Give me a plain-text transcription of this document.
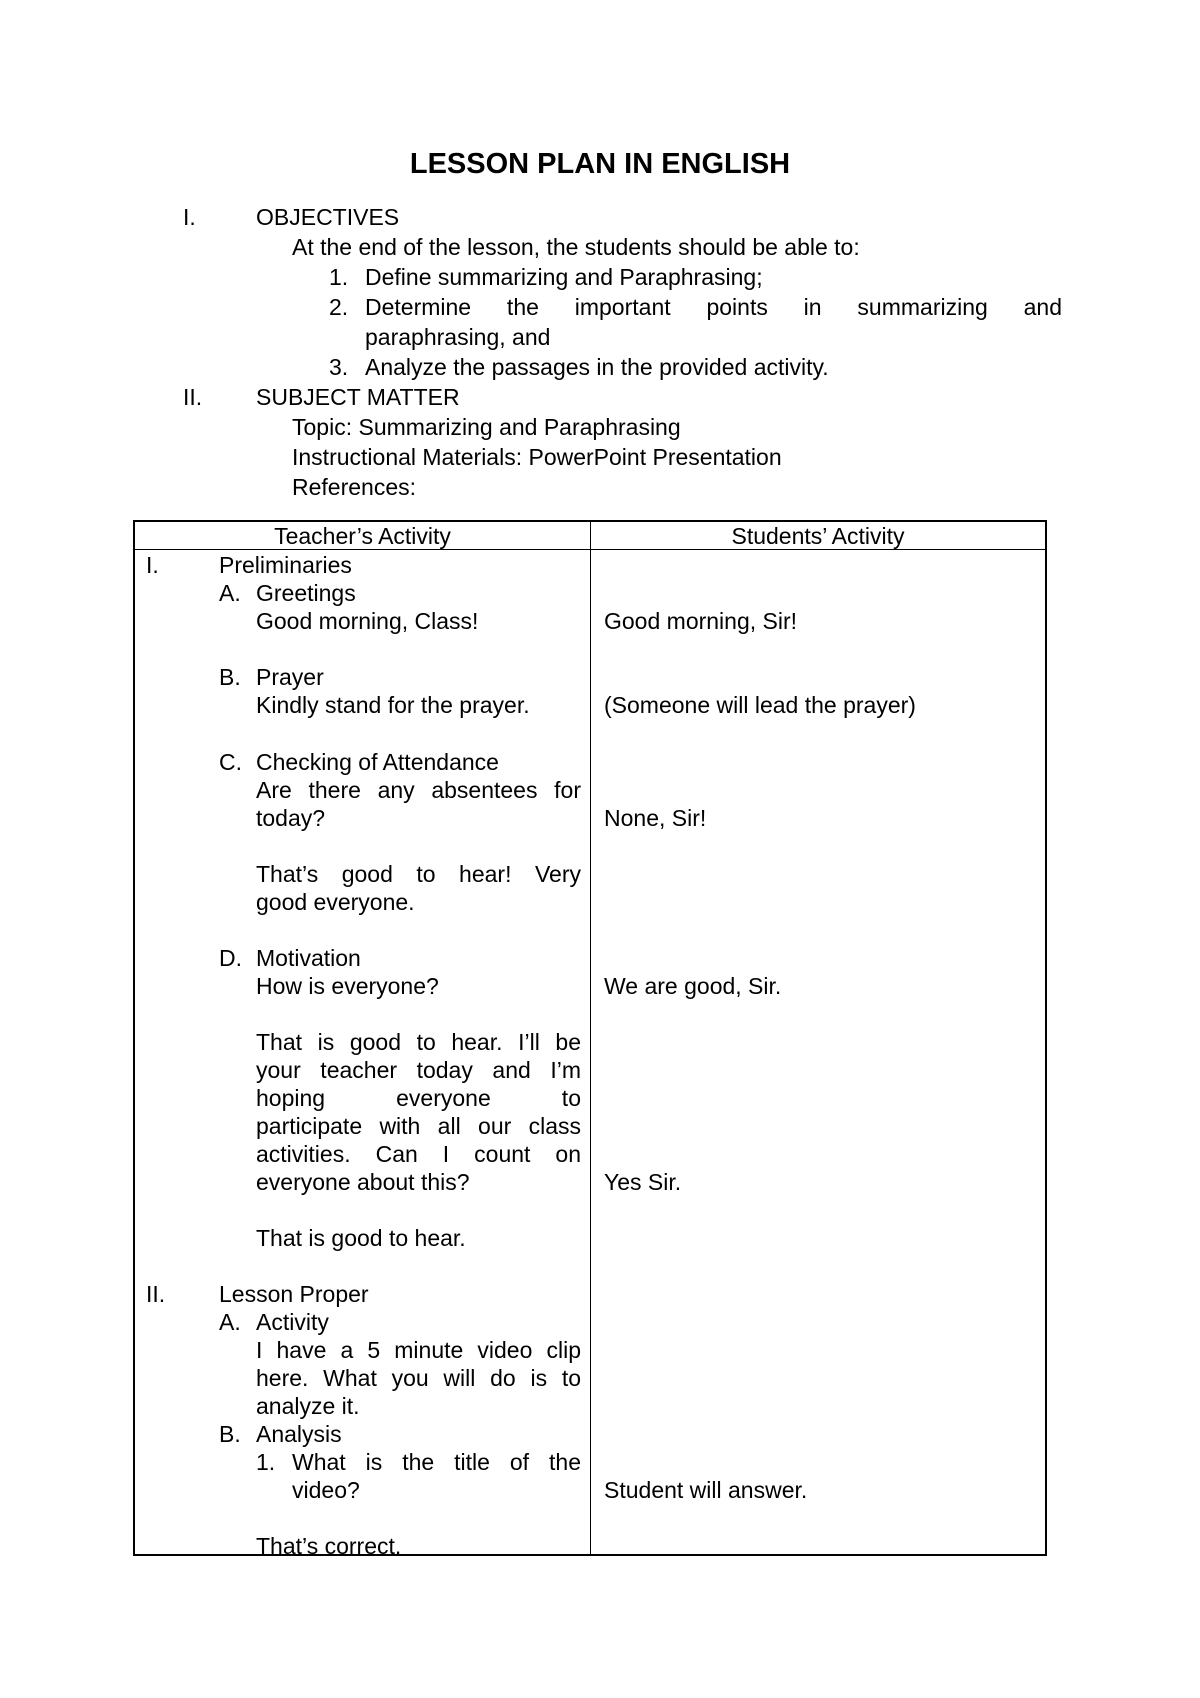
LESSON PLAN IN ENGLISH
I.	OBJECTIVES
At the end of the lesson, the students should be able to:
1. Define summarizing and Paraphrasing;
2. Determine the important points in summarizing and
paraphrasing, and
3. Analyze the passages in the provided activity.
II. SUBJECT MATTER
Topic: Summarizing and Paraphrasing
Instructional Materials: PowerPoint Presentation
References:
Teacher’s Activity	Students’ Activity
I.	Preliminaries
A. Greetings
Good morning, Class!	Good morning, Sir!
B. Prayer
Kindly stand for the prayer.	(Someone will lead the prayer)
C. Checking of Attendance
Are there any absentees for
today?	None, Sir!
That’s good to hear! Very
good everyone.
D. Motivation
How is everyone?	We are good, Sir.
That is good to hear. I’ll be
your teacher today and I’m
hoping everyone to
participate with all our class
activities. Can I count on
everyone about this?	Yes Sir.
That is good to hear.
II. Lesson Proper
A. Activity
I have a 5 minute video clip
here. What you will do is to
analyze it.
B. Analysis
1. What is the title of the
video?	Student will answer.
That’s correct.
